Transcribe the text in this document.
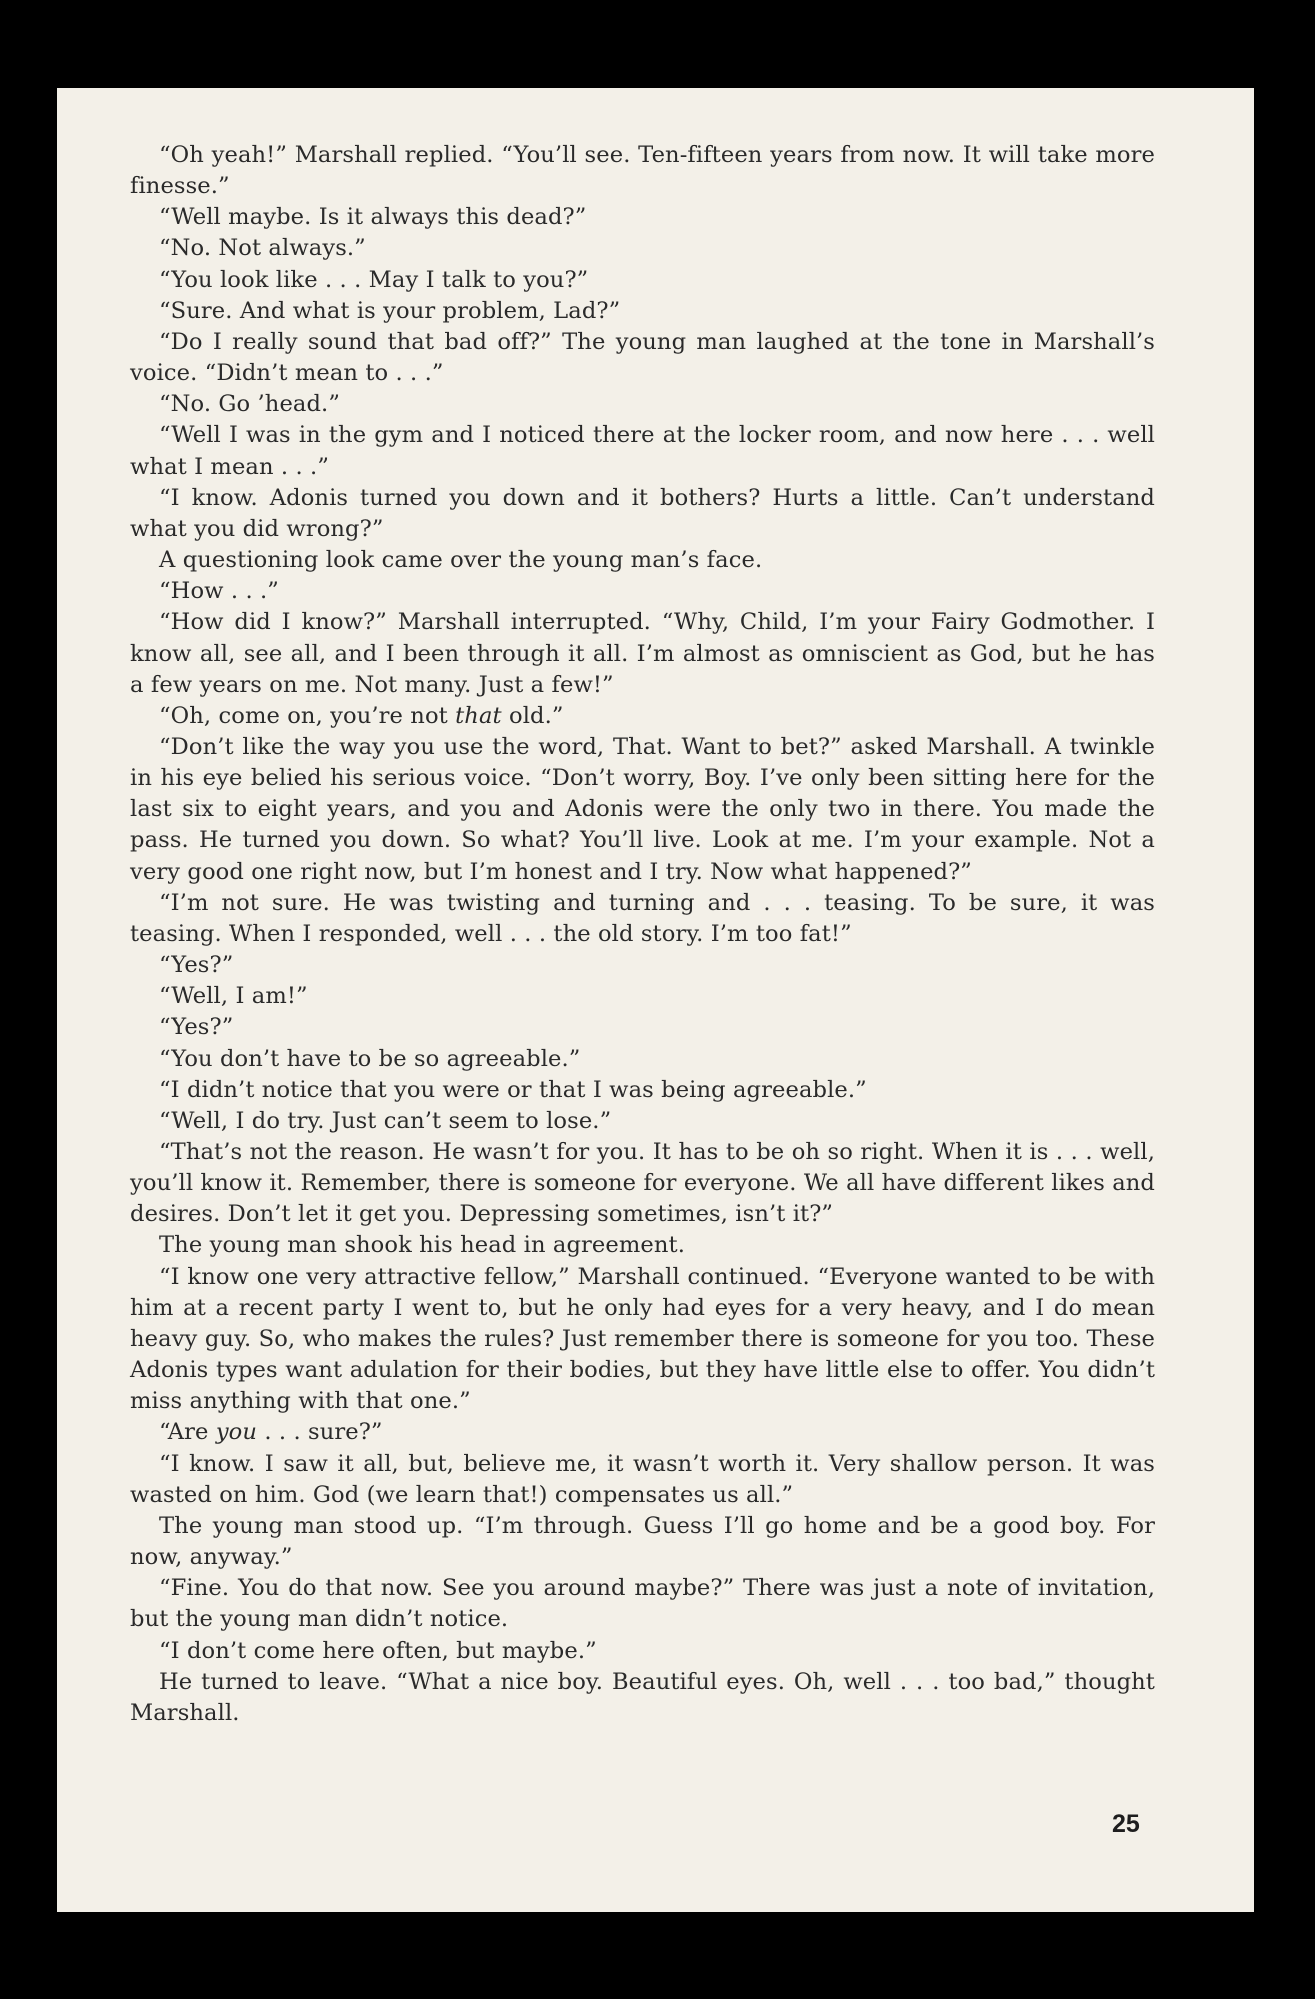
“Oh yeah!” Marshall replied. “You’ll see. Ten-fifteen years from now. It will take more finesse.”

“Well maybe. Is it always this dead?”

“No. Not always.”

“You look like . . . May I talk to you?”

“Sure. And what is your problem, Lad?”

“Do I really sound that bad off?” The young man laughed at the tone in Marshall’s voice. “Didn’t mean to . . .”

“No. Go ’head.”

“Well I was in the gym and I noticed there at the locker room, and now here . . . well what I mean . . .”

“I know. Adonis turned you down and it bothers? Hurts a little. Can’t understand what you did wrong?”

A questioning look came over the young man’s face.

“How . . .”

“How did I know?” Marshall interrupted. “Why, Child, I’m your Fairy Godmother. I know all, see all, and I been through it all. I’m almost as omniscient as God, but he has a few years on me. Not many. Just a few!”

“Oh, come on, you’re not that old.”

“Don’t like the way you use the word, That. Want to bet?” asked Marshall. A twinkle in his eye belied his serious voice. “Don’t worry, Boy. I’ve only been sitting here for the last six to eight years, and you and Adonis were the only two in there. You made the pass. He turned you down. So what? You’ll live. Look at me. I’m your example. Not a very good one right now, but I’m honest and I try. Now what happened?”

“I’m not sure. He was twisting and turning and . . . teasing. To be sure, it was teasing. When I responded, well . . . the old story. I’m too fat!”

“Yes?”

“Well, I am!”

“Yes?”

“You don’t have to be so agreeable.”

“I didn’t notice that you were or that I was being agreeable.”

“Well, I do try. Just can’t seem to lose.”

“That’s not the reason. He wasn’t for you. It has to be oh so right. When it is . . . well, you’ll know it. Remember, there is someone for everyone. We all have different likes and desires. Don’t let it get you. Depressing sometimes, isn’t it?”

The young man shook his head in agreement.

“I know one very attractive fellow,” Marshall continued. “Everyone wanted to be with him at a recent party I went to, but he only had eyes for a very heavy, and I do mean heavy guy. So, who makes the rules? Just remember there is someone for you too. These Adonis types want adulation for their bodies, but they have little else to offer. You didn’t miss anything with that one.”

“Are you . . . sure?”

“I know. I saw it all, but, believe me, it wasn’t worth it. Very shallow person. It was wasted on him. God (we learn that!) compensates us all.”

The young man stood up. “I’m through. Guess I’ll go home and be a good boy. For now, anyway.”

“Fine. You do that now. See you around maybe?” There was just a note of invitation, but the young man didn’t notice.

“I don’t come here often, but maybe.”

He turned to leave. “What a nice boy. Beautiful eyes. Oh, well . . . too bad,” thought Marshall.

25
